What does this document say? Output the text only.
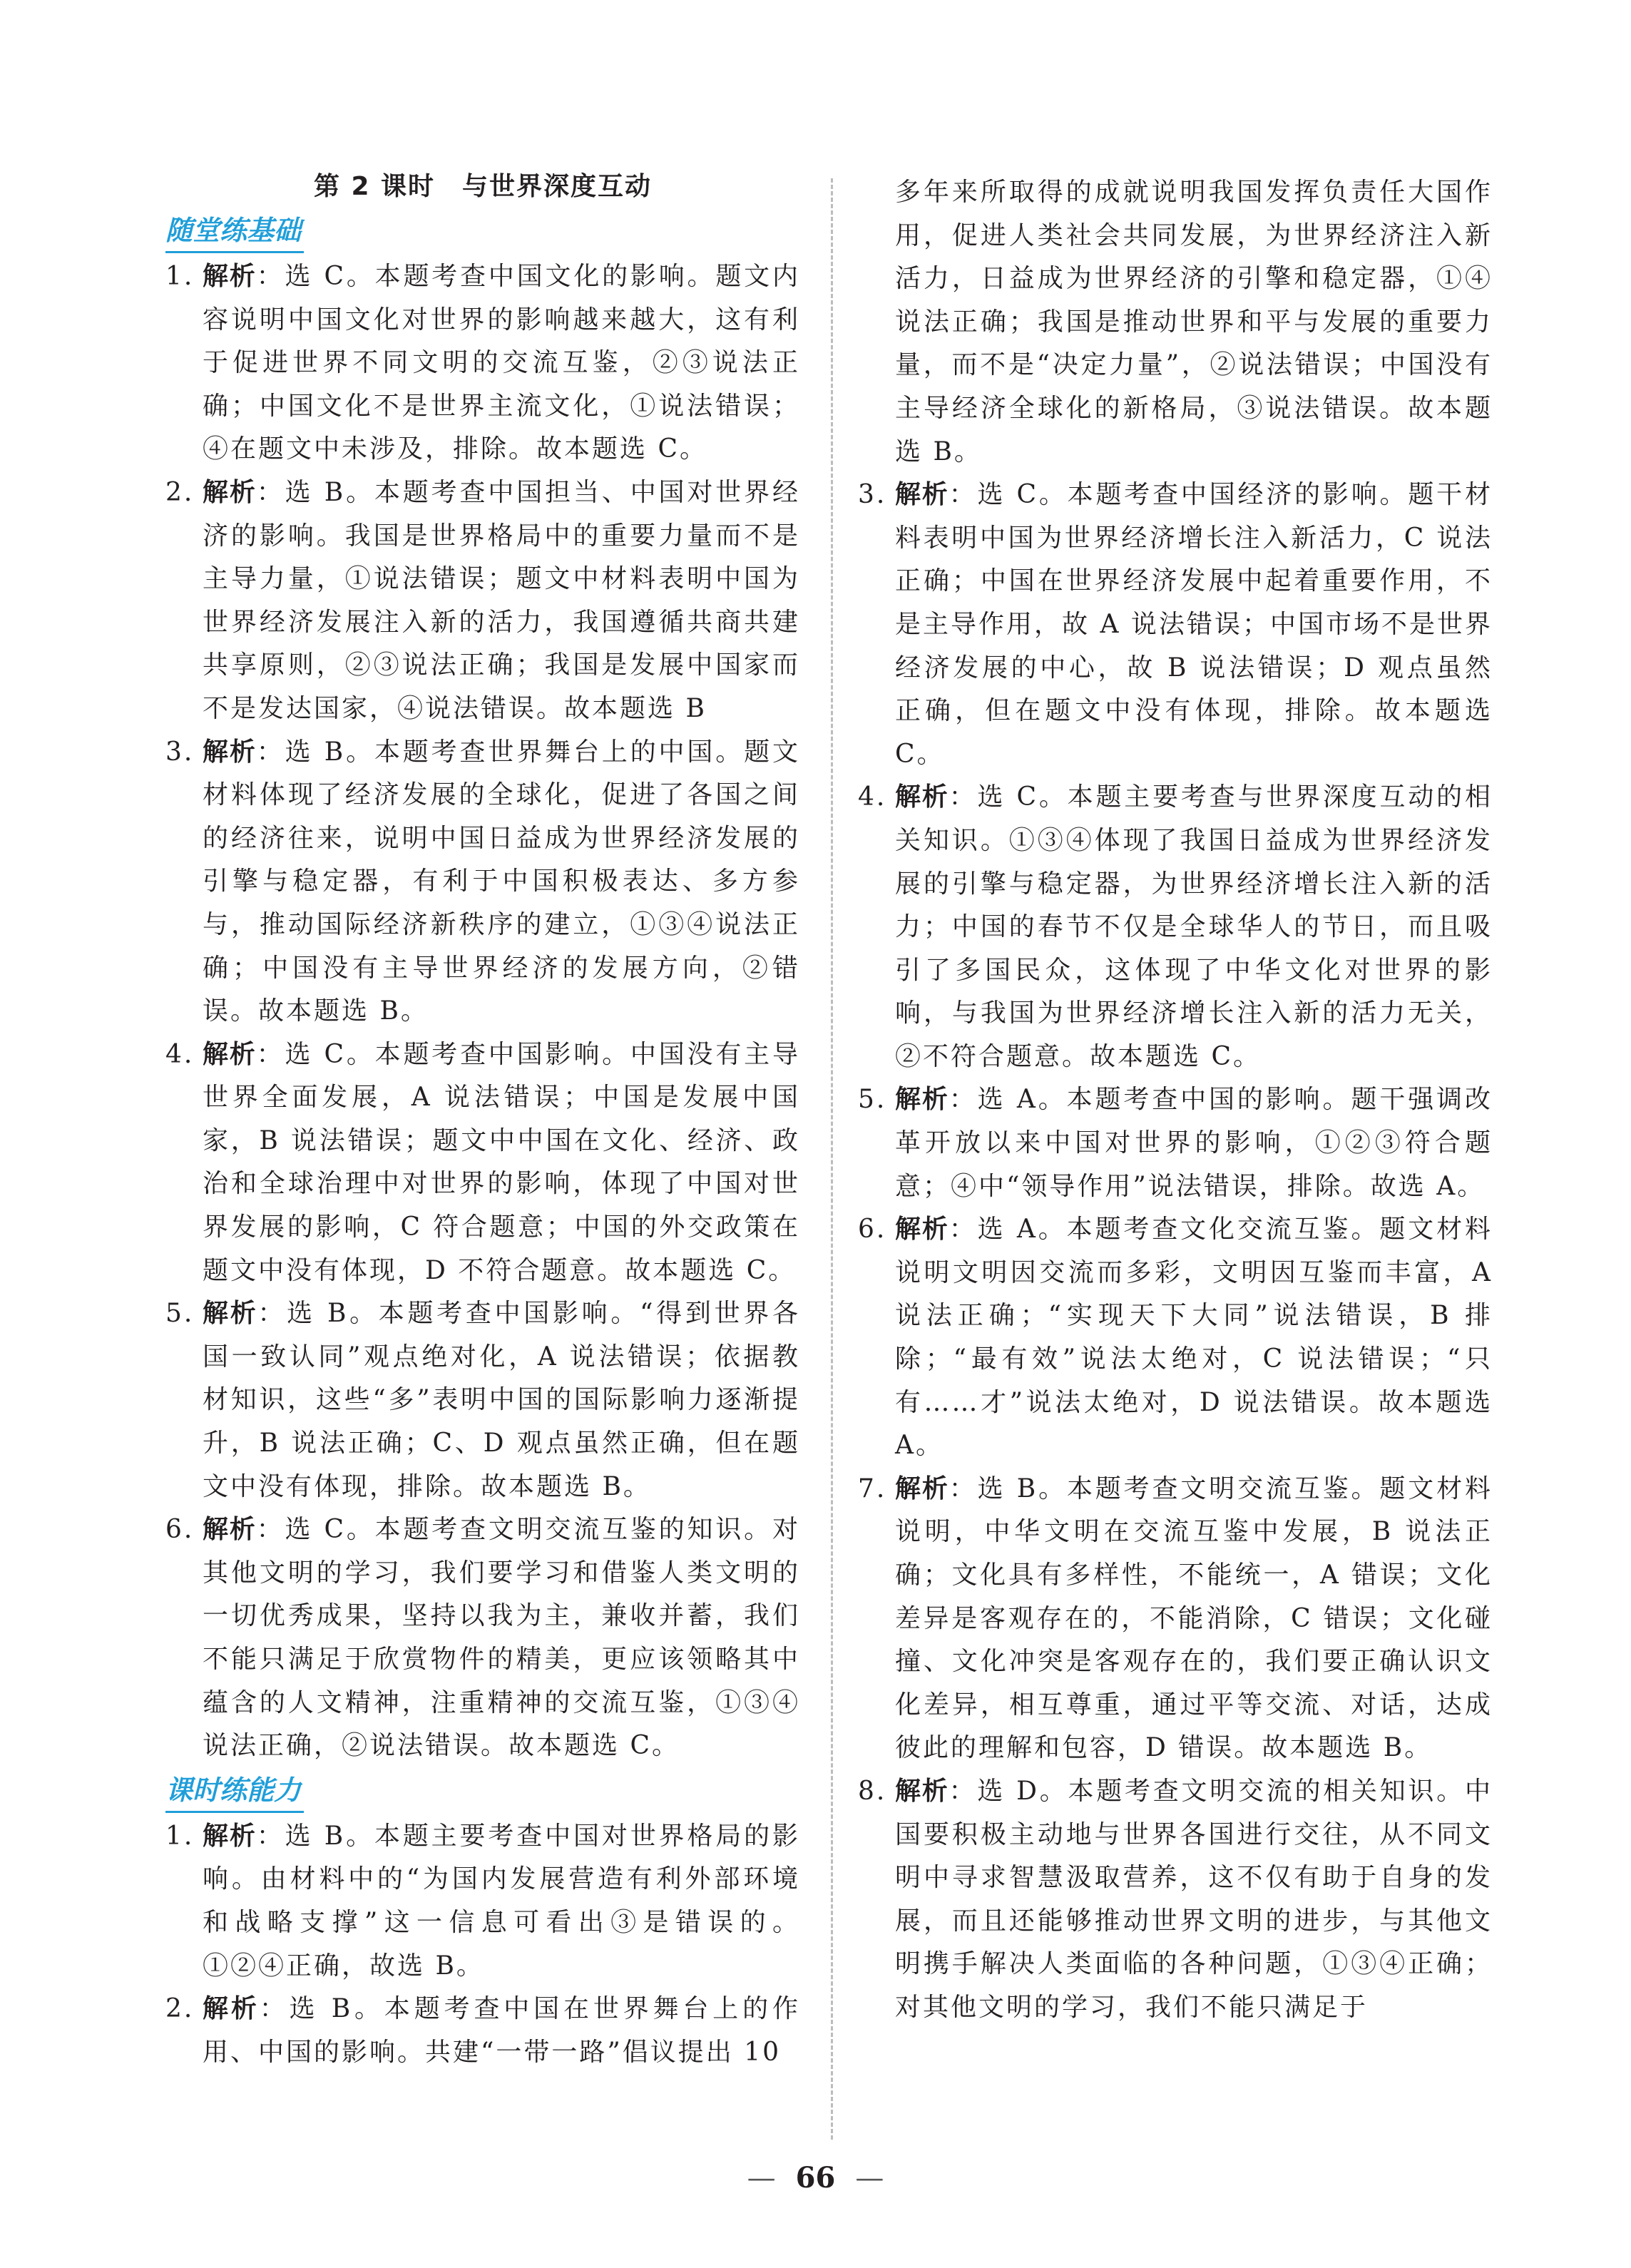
第 2 课时　与世界深度互动
随堂练基础

1. 解析：选 C。本题考查中国文化的影响。题文内容说明中国文化对世界的影响越来越大，这有利于促进世界不同文明的交流互鉴，②③说法正确；中国文化不是世界主流文化，①说法错误；④在题文中未涉及，排除。故本题选 C。

2. 解析：选 B。本题考查中国担当、中国对世界经济的影响。我国是世界格局中的重要力量而不是主导力量，①说法错误；题文中材料表明中国为世界经济发展注入新的活力，我国遵循共商共建共享原则，②③说法正确；我国是发展中国家而不是发达国家，④说法错误。故本题选 B

3. 解析：选 B。本题考查世界舞台上的中国。题文材料体现了经济发展的全球化，促进了各国之间的经济往来，说明中国日益成为世界经济发展的引擎与稳定器，有利于中国积极表达、多方参与，推动国际经济新秩序的建立，①③④说法正确；中国没有主导世界经济的发展方向，②错误。故本题选 B。

4. 解析：选 C。本题考查中国影响。中国没有主导世界全面发展，A 说法错误；中国是发展中国家，B 说法错误；题文中中国在文化、经济、政治和全球治理中对世界的影响，体现了中国对世界发展的影响，C 符合题意；中国的外交政策在题文中没有体现，D 不符合题意。故本题选 C。

5. 解析：选 B。本题考查中国影响。“得到世界各国一致认同”观点绝对化，A 说法错误；依据教材知识，这些“多”表明中国的国际影响力逐渐提升，B 说法正确；C、D 观点虽然正确，但在题文中没有体现，排除。故本题选 B。

6. 解析：选 C。本题考查文明交流互鉴的知识。对其他文明的学习，我们要学习和借鉴人类文明的一切优秀成果，坚持以我为主，兼收并蓄，我们不能只满足于欣赏物件的精美，更应该领略其中蕴含的人文精神，注重精神的交流互鉴，①③④说法正确，②说法错误。故本题选 C。

课时练能力

1. 解析：选 B。本题主要考查中国对世界格局的影响。由材料中的“为国内发展营造有利外部环境和战略支撑”这一信息可看出③是错误的。①②④正确，故选 B。

2. 解析：选 B。本题考查中国在世界舞台上的作用、中国的影响。共建“一带一路”倡议提出 10

多年来所取得的成就说明我国发挥负责任大国作用，促进人类社会共同发展，为世界经济注入新活力，日益成为世界经济的引擎和稳定器，①④说法正确；我国是推动世界和平与发展的重要力量，而不是“决定力量”，②说法错误；中国没有主导经济全球化的新格局，③说法错误。故本题选 B。

3. 解析：选 C。本题考查中国经济的影响。题干材料表明中国为世界经济增长注入新活力，C 说法正确；中国在世界经济发展中起着重要作用，不是主导作用，故 A 说法错误；中国市场不是世界经济发展的中心，故 B 说法错误；D 观点虽然正确，但在题文中没有体现，排除。故本题选 C。

4. 解析：选 C。本题主要考查与世界深度互动的相关知识。①③④体现了我国日益成为世界经济发展的引擎与稳定器，为世界经济增长注入新的活力；中国的春节不仅是全球华人的节日，而且吸引了多国民众，这体现了中华文化对世界的影响，与我国为世界经济增长注入新的活力无关，②不符合题意。故本题选 C。

5. 解析：选 A。本题考查中国的影响。题干强调改革开放以来中国对世界的影响，①②③符合题意；④中“领导作用”说法错误，排除。故选 A。

6. 解析：选 A。本题考查文化交流互鉴。题文材料说明文明因交流而多彩，文明因互鉴而丰富，A 说法正确；“实现天下大同”说法错误，B 排除；“最有效”说法太绝对，C 说法错误；“只有……才”说法太绝对，D 说法错误。故本题选 A。

7. 解析：选 B。本题考查文明交流互鉴。题文材料说明，中华文明在交流互鉴中发展，B 说法正确；文化具有多样性，不能统一，A 错误；文化差异是客观存在的，不能消除，C 错误；文化碰撞、文化冲突是客观存在的，我们要正确认识文化差异，相互尊重，通过平等交流、对话，达成彼此的理解和包容，D 错误。故本题选 B。

8. 解析：选 D。本题考查文明交流的相关知识。中国要积极主动地与世界各国进行交往，从不同文明中寻求智慧汲取营养，这不仅有助于自身的发展，而且还能够推动世界文明的进步，与其他文明携手解决人类面临的各种问题，①③④正确；对其他文明的学习，我们不能只满足于

— 66 —
